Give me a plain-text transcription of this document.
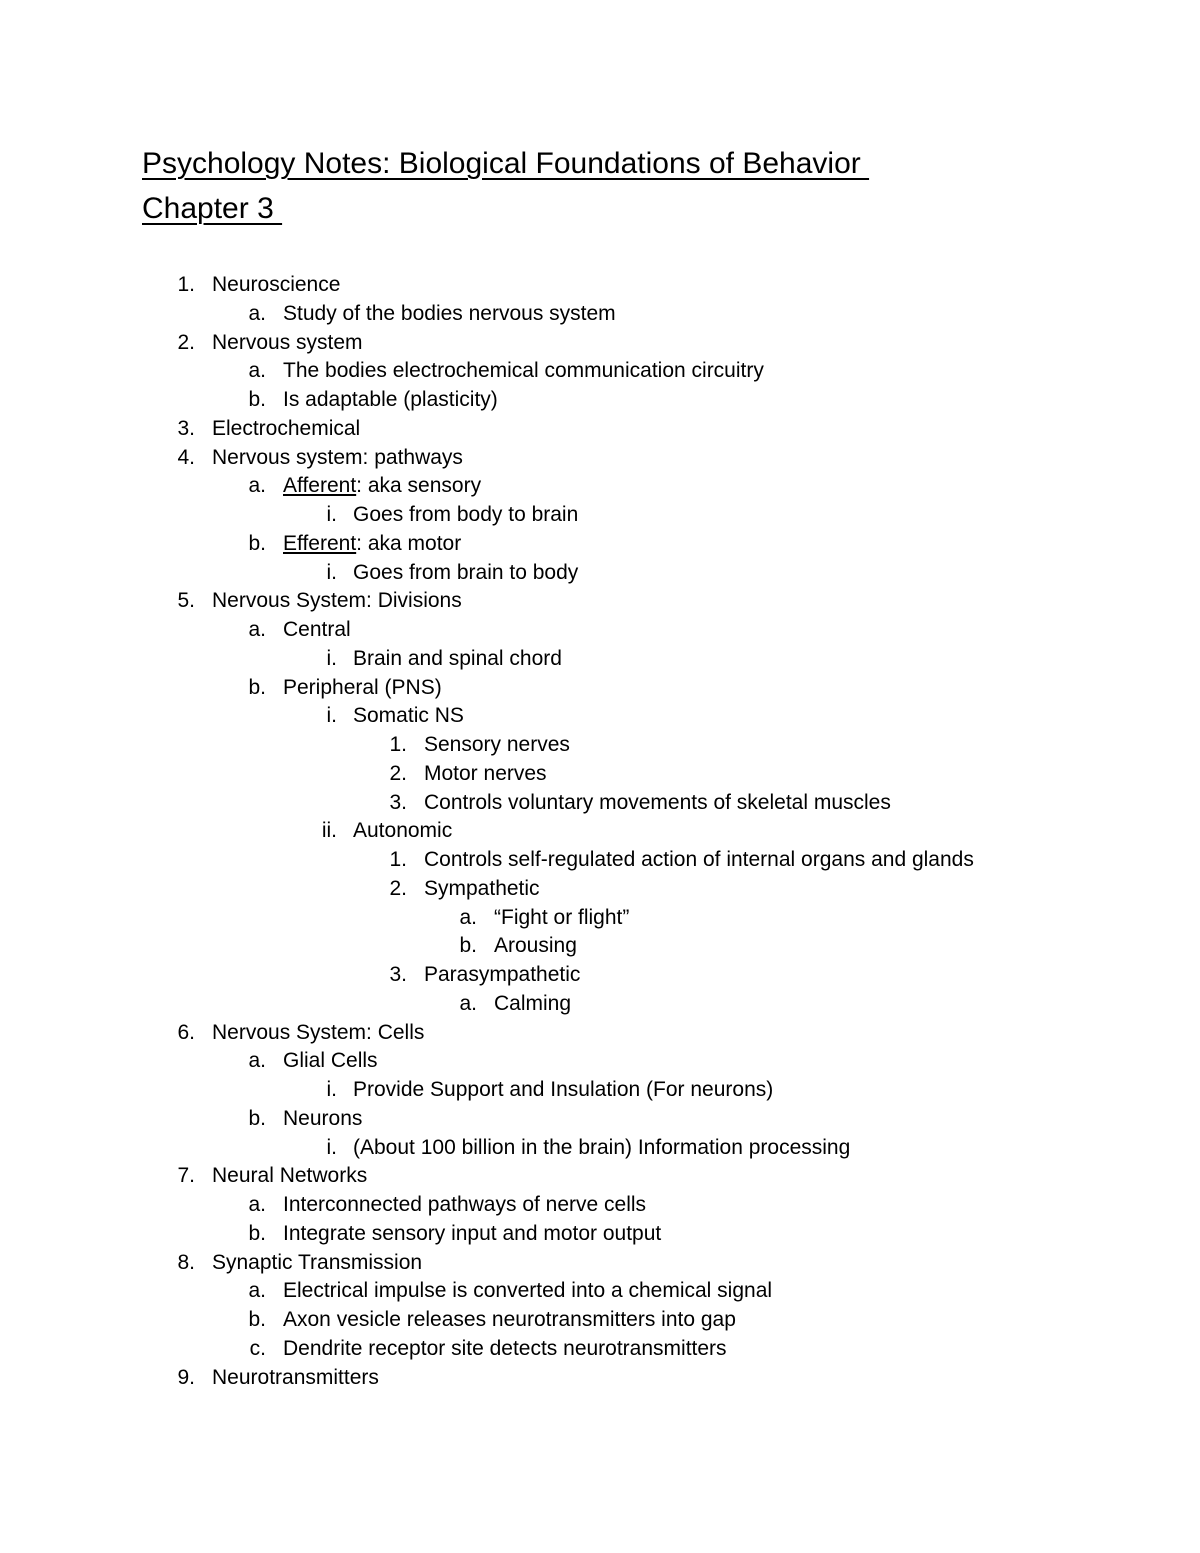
Psychology Notes: Biological Foundations of Behavior
Chapter 3
1. Neuroscience
a. Study of the bodies nervous system
2. Nervous system
a. The bodies electrochemical communication circuitry
b. Is adaptable (plasticity)
3. Electrochemical
4. Nervous system: pathways
a. Afferent: aka sensory
i. Goes from body to brain
b. Efferent: aka motor
i. Goes from brain to body
5. Nervous System: Divisions
a. Central
i. Brain and spinal chord
b. Peripheral (PNS)
i. Somatic NS
1. Sensory nerves
2. Motor nerves
3. Controls voluntary movements of skeletal muscles
ii. Autonomic
1. Controls self-regulated action of internal organs and glands
2. Sympathetic
a. “Fight or flight”
b. Arousing
3. Parasympathetic
a. Calming
6. Nervous System: Cells
a. Glial Cells
i. Provide Support and Insulation (For neurons)
b. Neurons
i. (About 100 billion in the brain) Information processing
7. Neural Networks
a. Interconnected pathways of nerve cells
b. Integrate sensory input and motor output
8. Synaptic Transmission
a. Electrical impulse is converted into a chemical signal
b. Axon vesicle releases neurotransmitters into gap
c. Dendrite receptor site detects neurotransmitters
9. Neurotransmitters
